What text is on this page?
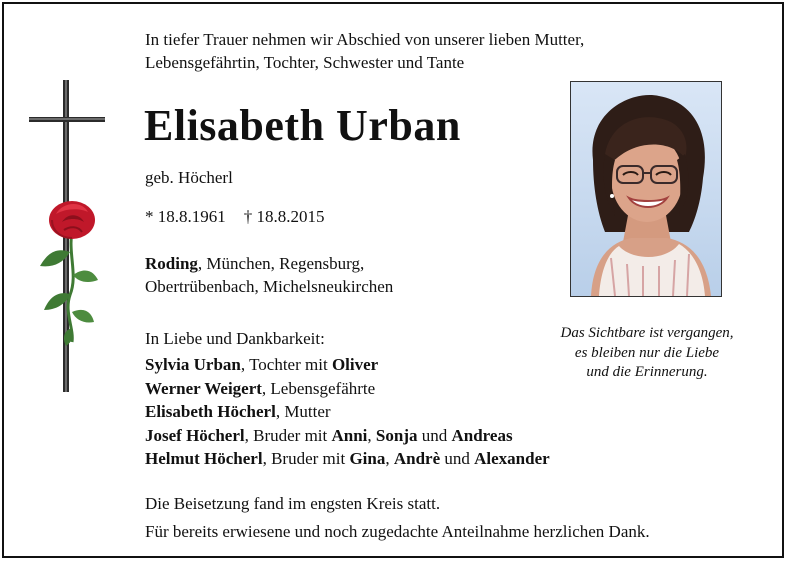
In tiefer Trauer nehmen wir Abschied von unserer lieben Mutter,
Lebensgefährtin, Tochter, Schwester und Tante
Elisabeth Urban
geb. Höcherl
* 18.8.1961 † 18.8.2015
Roding, München, Regensburg,
Obertrübenbach, Michelsneukirchen
Das Sichtbare ist vergangen,
es bleiben nur die Liebe
und die Erinnerung.
In Liebe und Dankbarkeit:
Sylvia Urban, Tochter mit Oliver
Werner Weigert, Lebensgefährte
Elisabeth Höcherl, Mutter
Josef Höcherl, Bruder mit Anni, Sonja und Andreas
Helmut Höcherl, Bruder mit Gina, Andrè und Alexander
Die Beisetzung fand im engsten Kreis statt.
Für bereits erwiesene und noch zugedachte Anteilnahme herzlichen Dank.
